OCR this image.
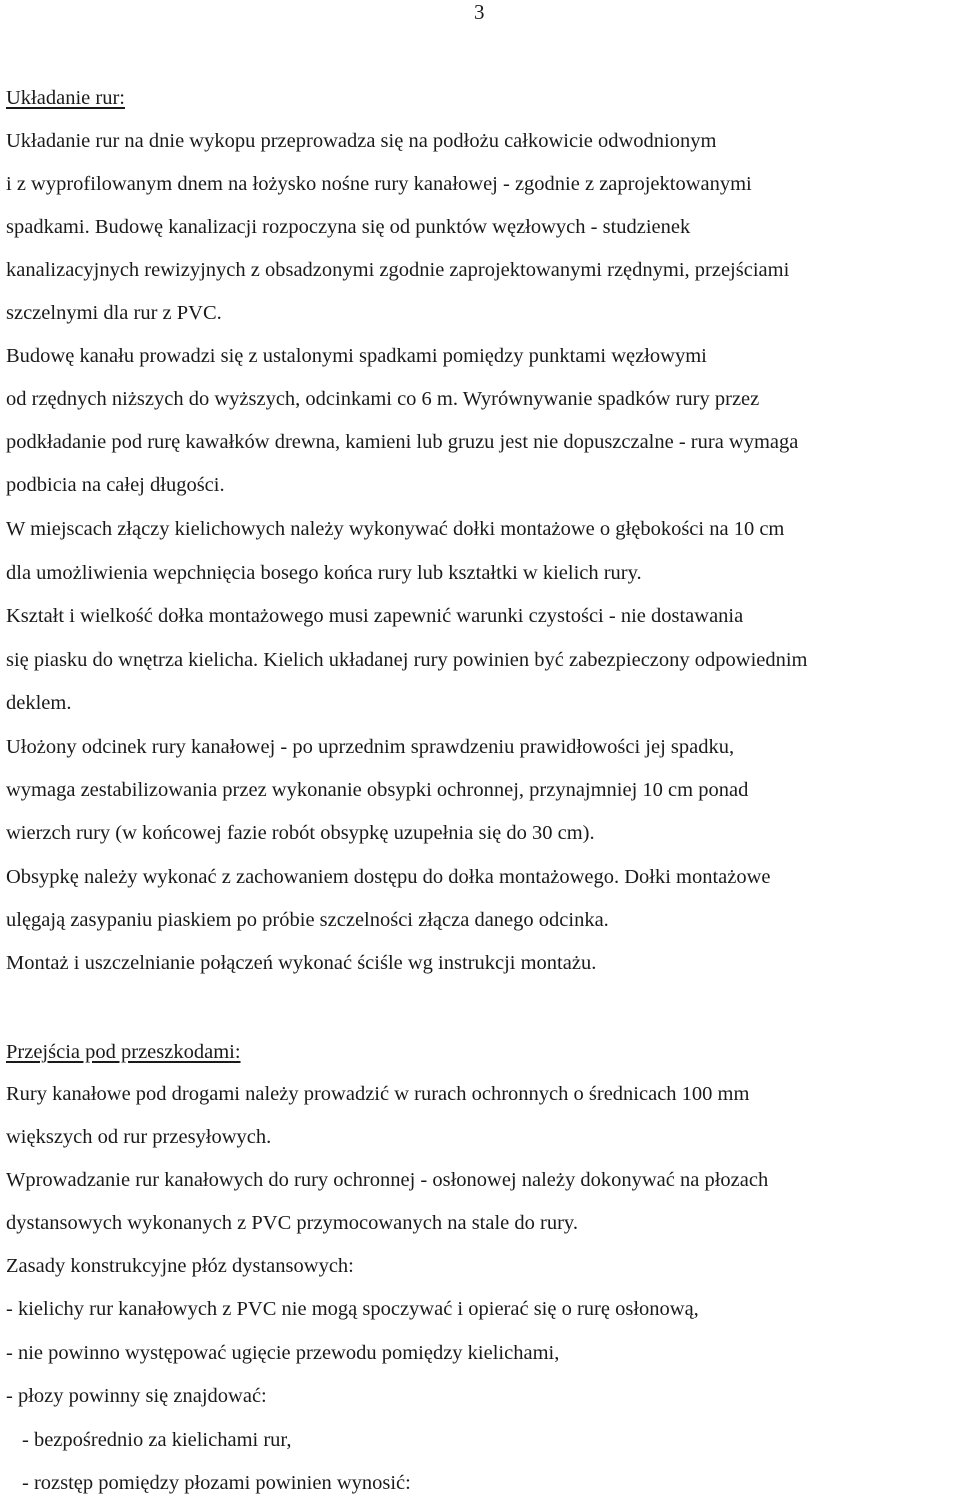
3
Układanie rur:
Układanie rur na dnie wykopu przeprowadza się na podłożu całkowicie odwodnionym
i z wyprofilowanym dnem na łożysko nośne rury kanałowej - zgodnie z zaprojektowanymi
spadkami. Budowę kanalizacji rozpoczyna się od punktów węzłowych - studzienek
kanalizacyjnych rewizyjnych z obsadzonymi zgodnie zaprojektowanymi rzędnymi, przejściami
szczelnymi dla rur z PVC.
Budowę kanału prowadzi się z ustalonymi spadkami pomiędzy punktami węzłowymi
od rzędnych niższych do wyższych, odcinkami co 6 m. Wyrównywanie spadków rury przez
podkładanie pod rurę kawałków drewna, kamieni lub gruzu jest nie dopuszczalne - rura wymaga
podbicia na całej długości.
W miejscach złączy kielichowych należy wykonywać dołki montażowe o głębokości na 10 cm
dla umożliwienia wepchnięcia bosego końca rury lub kształtki w kielich rury.
Kształt i wielkość dołka montażowego musi zapewnić warunki czystości - nie dostawania
się piasku do wnętrza kielicha. Kielich układanej rury powinien być zabezpieczony odpowiednim
deklem.
Ułożony odcinek rury kanałowej - po uprzednim sprawdzeniu prawidłowości jej spadku,
wymaga zestabilizowania przez wykonanie obsypki ochronnej, przynajmniej 10 cm ponad
wierzch rury (w końcowej fazie robót obsypkę uzupełnia się do 30 cm).
Obsypkę należy wykonać z zachowaniem dostępu do dołka montażowego. Dołki montażowe
ulęgają zasypaniu piaskiem po próbie szczelności złącza danego odcinka.
Montaż i uszczelnianie połączeń wykonać ściśle wg instrukcji montażu.
Przejścia pod przeszkodami:
Rury kanałowe pod drogami należy prowadzić w rurach ochronnych o średnicach 100 mm
większych od rur przesyłowych.
Wprowadzanie rur kanałowych do rury ochronnej - osłonowej należy dokonywać na płozach
dystansowych wykonanych z PVC przymocowanych na stale do rury.
Zasady konstrukcyjne płóz dystansowych:
- kielichy rur kanałowych z PVC nie mogą spoczywać i opierać się o rurę osłonową,
- nie powinno występować ugięcie przewodu pomiędzy kielichami,
- płozy powinny się znajdować:
- bezpośrednio za kielichami rur,
- rozstęp pomiędzy płozami powinien wynosić:
